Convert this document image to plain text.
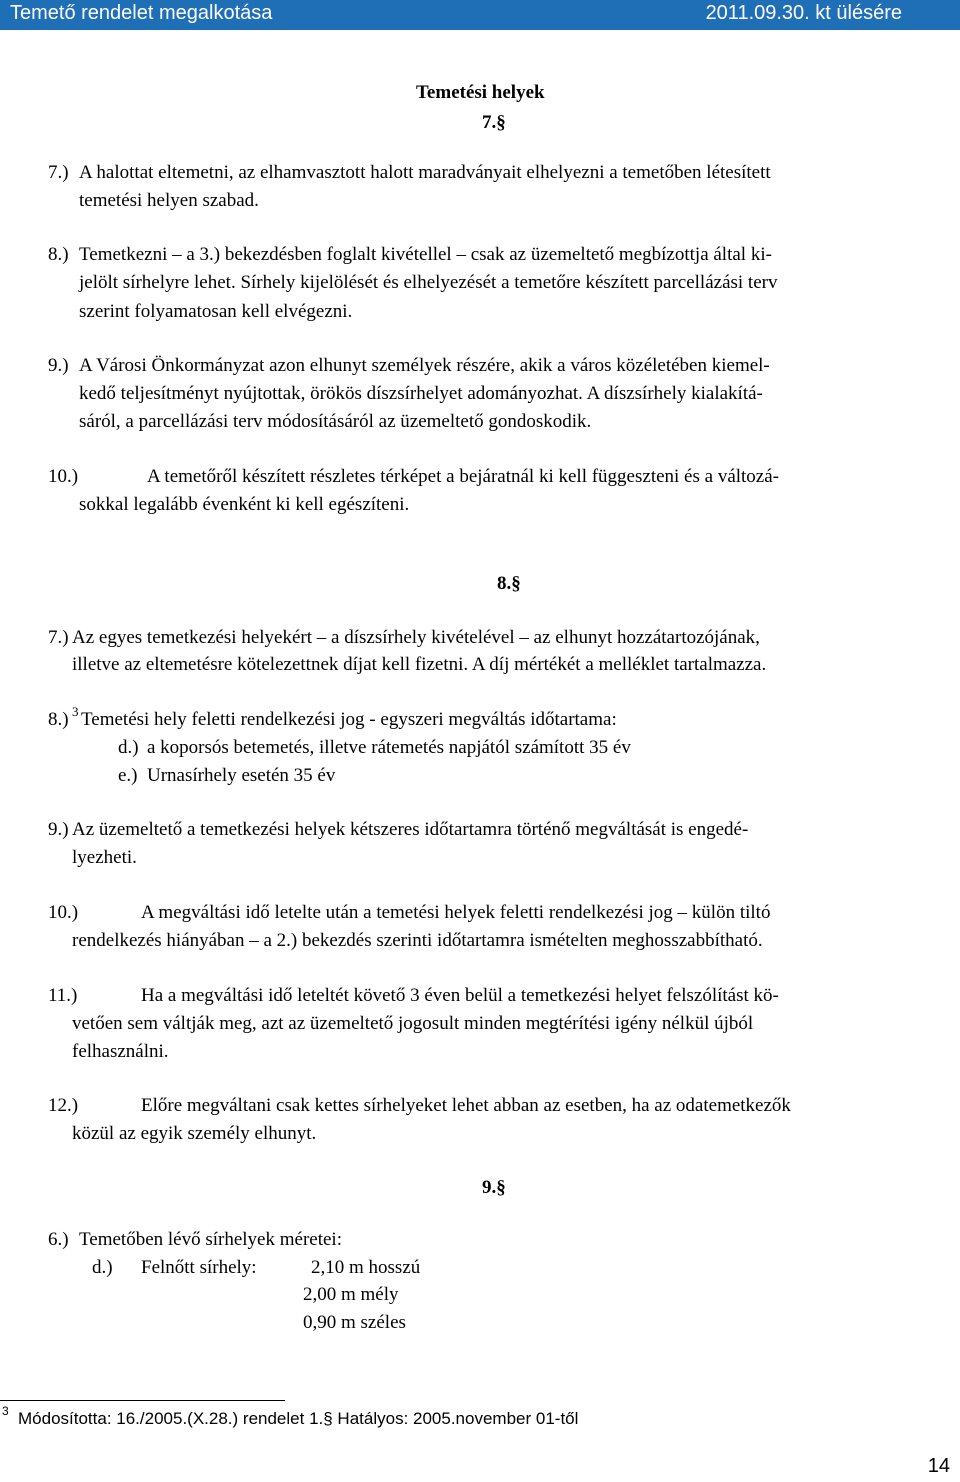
Temető rendelet megalkotása	2011.09.30. kt ülésére
Temetési helyek
7.§
7.) A halottat eltemetni, az elhamvasztott halott maradványait elhelyezni a temetőben létesített
temetési helyen szabad.
8.) Temetkezni – a 3.) bekezdésben foglalt kivétellel – csak az üzemeltető megbízottja által ki-
jelölt sírhelyre lehet. Sírhely kijelölését és elhelyezését a temetőre készített parcellázási terv
szerint folyamatosan kell elvégezni.
9.) A Városi Önkormányzat azon elhunyt személyek részére, akik a város közéletében kiemel-
kedő teljesítményt nyújtottak, örökös díszsírhelyet adományozhat. A díszsírhely kialakítá-
sáról, a parcellázási terv módosításáról az üzemeltető gondoskodik.
10.)	A temetőről készített részletes térképet a bejáratnál ki kell függeszteni és a változá-
sokkal legalább évenként ki kell egészíteni.
8.§
7.) Az egyes temetkezési helyekért – a díszsírhely kivételével – az elhunyt hozzátartozójának,
illetve az eltemetésre kötelezettnek díjat kell fizetni. A díj mértékét a melléklet tartalmazza.
8.) 3 Temetési hely feletti rendelkezési jog - egyszeri megváltás időtartama:
d.) a koporsós betemetés, illetve rátemetés napjától számított 35 év
e.) Urnasírhely esetén 35 év
9.) Az üzemeltető a temetkezési helyek kétszeres időtartamra történő megváltását is engedé-
lyezheti.
10.)	A megváltási idő letelte után a temetési helyek feletti rendelkezési jog – külön tiltó
rendelkezés hiányában – a 2.) bekezdés szerinti időtartamra ismételten meghosszabbítható.
11.)	Ha a megváltási idő leteltét követő 3 éven belül a temetkezési helyet felszólítást kö-
vetően sem váltják meg, azt az üzemeltető jogosult minden megtérítési igény nélkül újból
felhasználni.
12.)	Előre megváltani csak kettes sírhelyeket lehet abban az esetben, ha az odatemetkezők
közül az egyik személy elhunyt.
9.§
6.) Temetőben lévő sírhelyek méretei:
d.) Felnőtt sírhely:	2,10 m hosszú
2,00 m mély
0,90 m széles
3 Módosította: 16./2005.(X.28.) rendelet 1.§ Hatályos: 2005.november 01-től
14
